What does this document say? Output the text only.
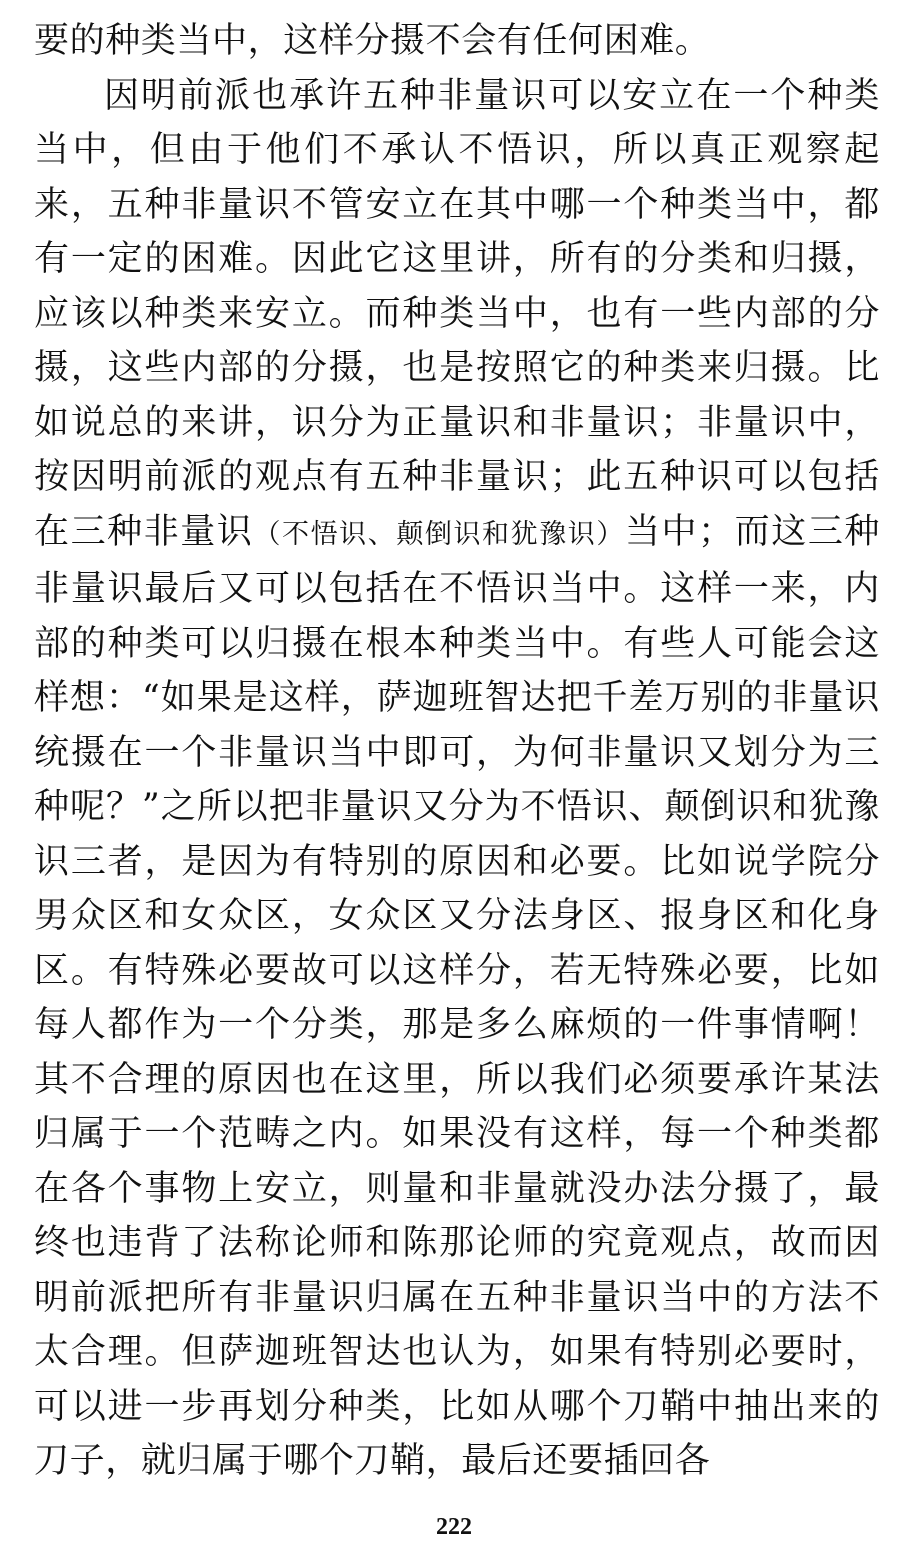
要的种类当中，这样分摄不会有任何困难。

因明前派也承许五种非量识可以安立在一个种类当中，但由于他们不承认不悟识，所以真正观察起来，五种非量识不管安立在其中哪一个种类当中，都有一定的困难。因此它这里讲，所有的分类和归摄，应该以种类来安立。而种类当中，也有一些内部的分摄，这些内部的分摄，也是按照它的种类来归摄。比如说总的来讲，识分为正量识和非量识；非量识中，按因明前派的观点有五种非量识；此五种识可以包括在三种非量识（不悟识、颠倒识和犹豫识）当中；而这三种非量识最后又可以包括在不悟识当中。这样一来，内部的种类可以归摄在根本种类当中。有些人可能会这样想：“如果是这样，萨迦班智达把千差万别的非量识统摄在一个非量识当中即可，为何非量识又划分为三种呢？”之所以把非量识又分为不悟识、颠倒识和犹豫识三者，是因为有特别的原因和必要。比如说学院分男众区和女众区，女众区又分法身区、报身区和化身区。有特殊必要故可以这样分，若无特殊必要，比如每人都作为一个分类，那是多么麻烦的一件事情啊！其不合理的原因也在这里，所以我们必须要承许某法归属于一个范畴之内。如果没有这样，每一个种类都在各个事物上安立，则量和非量就没办法分摄了，最终也违背了法称论师和陈那论师的究竟观点，故而因明前派把所有非量识归属在五种非量识当中的方法不太合理。但萨迦班智达也认为，如果有特别必要时，可以进一步再划分种类，比如从哪个刀鞘中抽出来的刀子，就归属于哪个刀鞘，最后还要插回各

222
